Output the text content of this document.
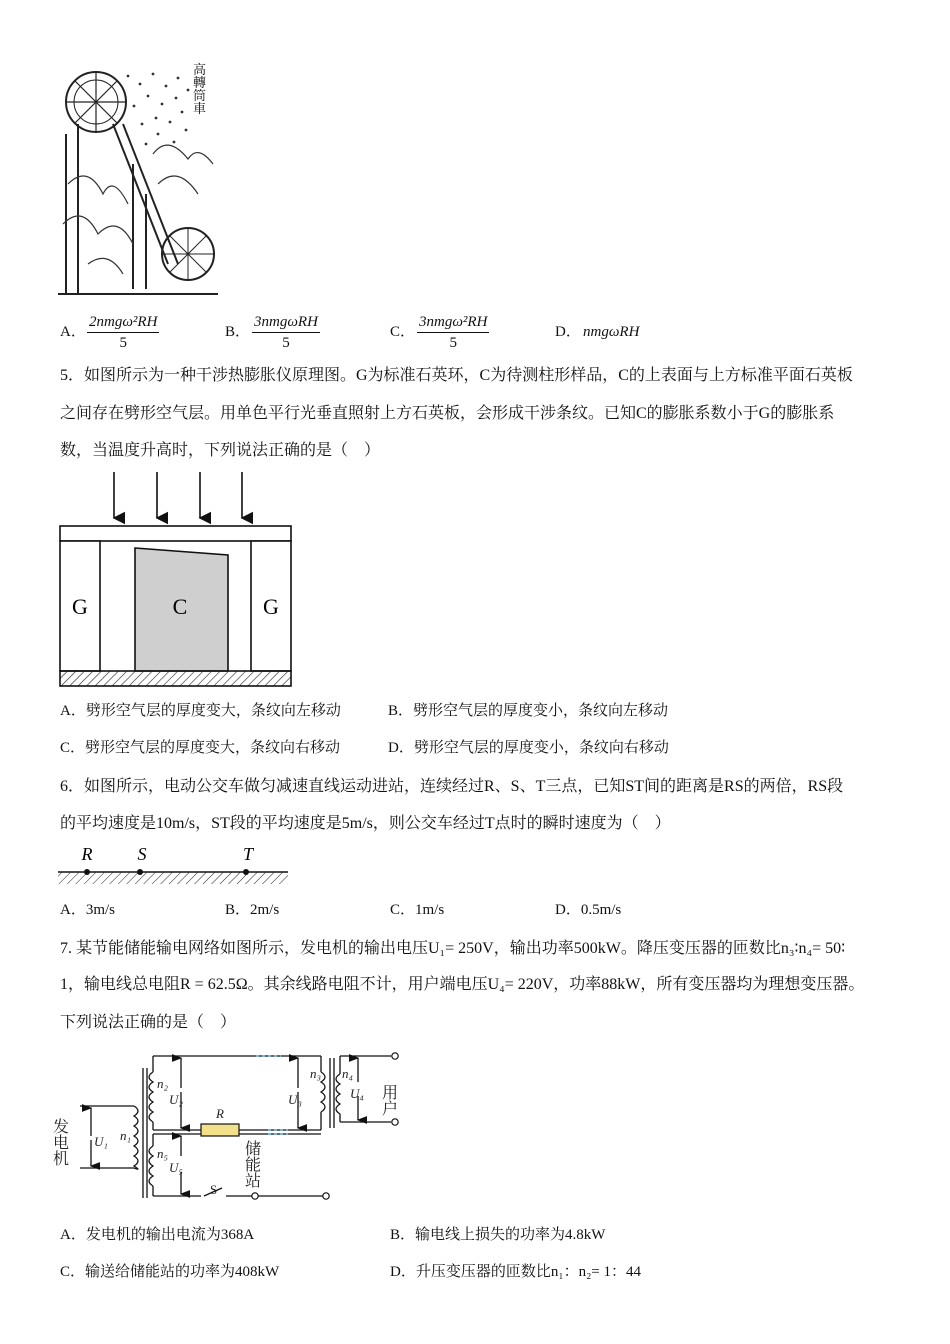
高轉筒車
A．
2nmgω²RH
5
B．
3nmgωRH
5
C．
3nmgω²RH
5
D． nmgωRH
5．如图所示为一种干涉热膨胀仪原理图。G为标准石英环，C为待测柱形样品，C的上表面与上方标准平面石英板
之间存在劈形空气层。用单色平行光垂直照射上方石英板，会形成干涉条纹。已知C的膨胀系数小于G的膨胀系
数，当温度升高时，下列说法正确的是（　）
G	C	G
A．劈形空气层的厚度变大，条纹向左移动	B．劈形空气层的厚度变小，条纹向左移动
C．劈形空气层的厚度变大，条纹向右移动	D．劈形空气层的厚度变小，条纹向右移动
6．如图所示，电动公交车做匀减速直线运动进站，连续经过R、S、T三点，已知ST间的距离是RS的两倍，RS段
的平均速度是10m/s，ST段的平均速度是5m/s，则公交车经过T点时的瞬时速度为（　）
R	S	T
A．3m/s	B．2m/s	C．1m/s	D．0.5m/s
7. 某节能储能输电网络如图所示，发电机的输出电压U₁= 250V，输出功率500kW。降压变压器的匝数比n₃∶n₄= 50∶
1，输电线总电阻R = 62.5Ω。其余线路电阻不计，用户端电压U₄= 220V，功率88kW，所有变压器均为理想变压器。
下列说法正确的是（　）
发电机
用户
储能站
U₁ n₁
n₂
U₂
R
n₃
U₃
n₄
U₄
n₅
U₅
S
A．发电机的输出电流为368A	B．输电线上损失的功率为4.8kW
C．输送给储能站的功率为408kW	D．升压变压器的匝数比n₁：n₂= 1：44
